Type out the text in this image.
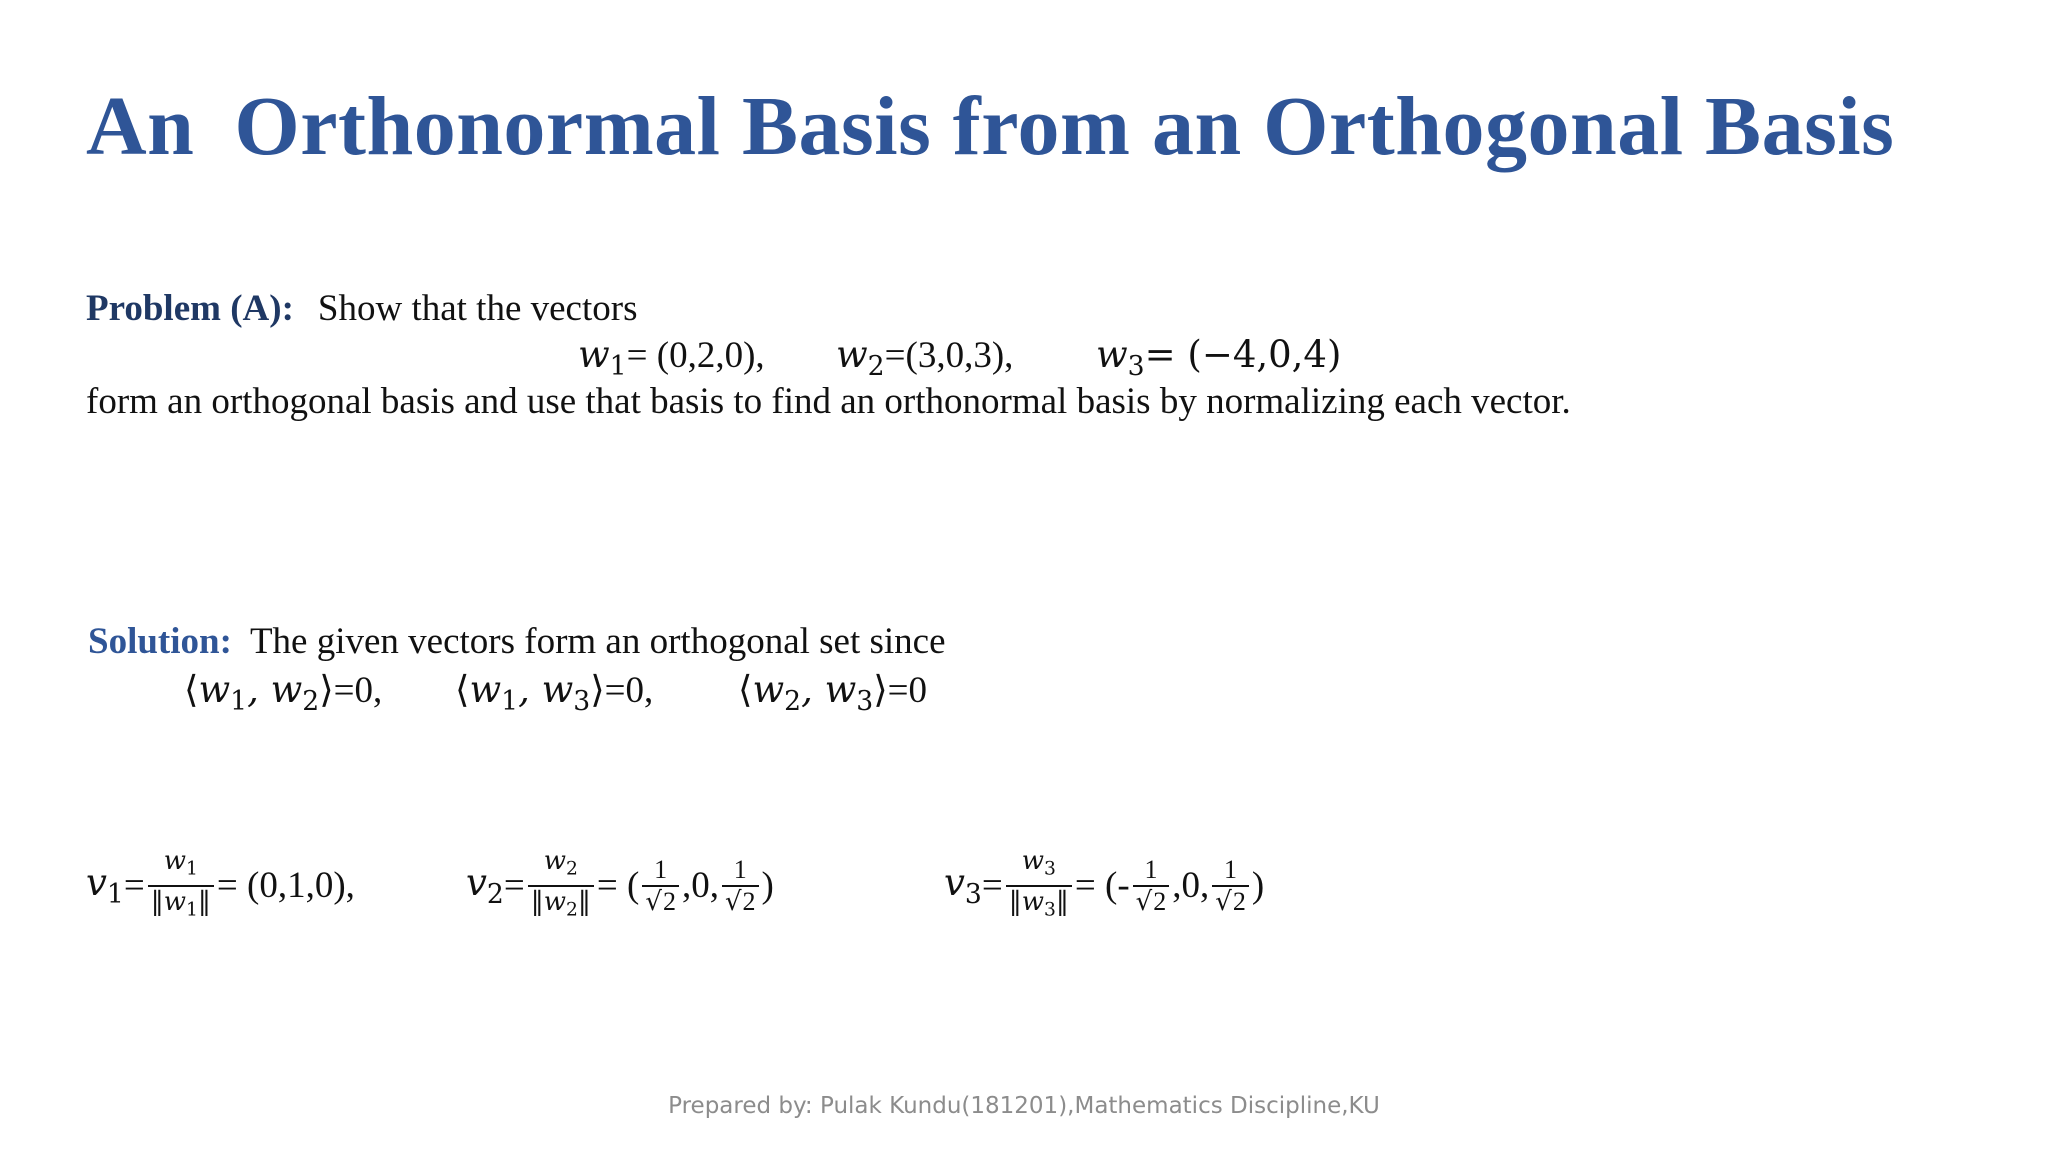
An Orthonormal Basis from an Orthogonal Basis
Problem (A): Show that the vectors
$w_1= (0,2,0)$, $w_2=(3,0,3)$, $w_3= (-4,0,4)$
form an orthogonal basis and use that basis to find an orthonormal basis by normalizing each vector.
Solution: The given vectors form an orthogonal set since
$⟨w_1$, $w_2⟩=0$, $⟨w_1$, $w_3⟩=0$, $⟨w_2$, $w_3⟩=0$
$v_1 = \frac{w_1}{‖w_1‖} = (0,1,0)$,	$v_2 = \frac{w_2}{‖w_2‖}$ = ( $\frac{1}{√2} ,0$, $\frac{1}{√2}$ )	$v_3 = \frac{w_3}{‖w_3‖}$ = (- $\frac{1}{√2} ,0$, $\frac{1}{√2}$ )
Prepared by: Pulak Kundu(181201),Mathematics Discipline,KU
